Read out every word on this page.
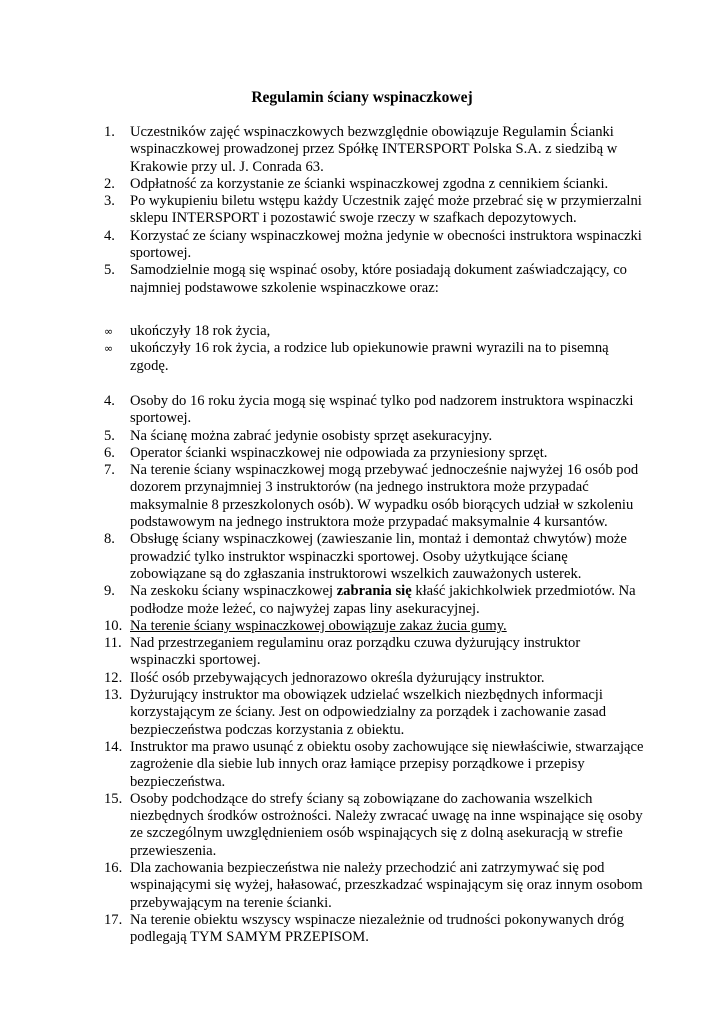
Regulamin ściany wspinaczkowej
1.	Uczestników zajęć wspinaczkowych bezwzględnie obowiązuje Regulamin Ścianki wspinaczkowej prowadzonej przez Spółkę INTERSPORT Polska S.A. z siedzibą w Krakowie przy ul. J. Conrada 63.
2.	Odpłatność za korzystanie ze ścianki wspinaczkowej zgodna z cennikiem ścianki.
3.	Po wykupieniu biletu wstępu każdy Uczestnik zajęć może przebrać się w przymierzalni sklepu INTERSPORT i pozostawić swoje rzeczy w szafkach depozytowych.
4.	Korzystać ze ściany wspinaczkowej można jedynie w obecności instruktora wspinaczki sportowej.
5.	Samodzielnie mogą się wspinać osoby, które posiadają dokument zaświadczający, co najmniej podstawowe szkolenie wspinaczkowe oraz:
∞ ukończyły 18 rok życia,
∞ ukończyły 16 rok życia, a rodzice lub opiekunowie prawni wyrazili na to pisemną zgodę.
4.	Osoby do 16 roku życia mogą się wspinać tylko pod nadzorem instruktora wspinaczki sportowej.
5.	Na ścianę można zabrać jedynie osobisty sprzęt asekuracyjny.
6.	Operator ścianki wspinaczkowej nie odpowiada za przyniesiony sprzęt.
7.	Na terenie ściany wspinaczkowej mogą przebywać jednocześnie najwyżej 16 osób pod dozorem przynajmniej 3 instruktorów (na jednego instruktora może przypadać maksymalnie 8 przeszkolonych osób). W wypadku osób biorących udział w szkoleniu podstawowym na jednego instruktora może przypadać maksymalnie 4 kursantów.
8.	Obsługę ściany wspinaczkowej (zawieszanie lin, montaż i demontaż chwytów) może prowadzić tylko instruktor wspinaczki sportowej. Osoby użytkujące ścianę zobowiązane są do zgłaszania instruktorowi wszelkich zauważonych usterek.
9.	Na zeskoku ściany wspinaczkowej zabrania się kłaść jakichkolwiek przedmiotów. Na podłodze może leżeć, co najwyżej zapas liny asekuracyjnej.
10. Na terenie ściany wspinaczkowej obowiązuje zakaz żucia gumy.
11. Nad przestrzeganiem regulaminu oraz porządku czuwa dyżurujący instruktor wspinaczki sportowej.
12. Ilość osób przebywających jednorazowo określa dyżurujący instruktor.
13. Dyżurujący instruktor ma obowiązek udzielać wszelkich niezbędnych informacji korzystającym ze ściany. Jest on odpowiedzialny za porządek i zachowanie zasad bezpieczeństwa podczas korzystania z obiektu.
14. Instruktor ma prawo usunąć z obiektu osoby zachowujące się niewłaściwie, stwarzające zagrożenie dla siebie lub innych oraz łamiące przepisy porządkowe i przepisy bezpieczeństwa.
15. Osoby podchodzące do strefy ściany są zobowiązane do zachowania wszelkich niezbędnych środków ostrożności. Należy zwracać uwagę na inne wspinające się osoby ze szczególnym uwzględnieniem osób wspinających się z dolną asekuracją w strefie przewieszenia.
16. Dla zachowania bezpieczeństwa nie należy przechodzić ani zatrzymywać się pod wspinającymi się wyżej, hałasować, przeszkadzać wspinającym się oraz innym osobom przebywającym na terenie ścianki.
17. Na terenie obiektu wszyscy wspinacze niezależnie od trudności pokonywanych dróg podlegają TYM SAMYM PRZEPISOM.
